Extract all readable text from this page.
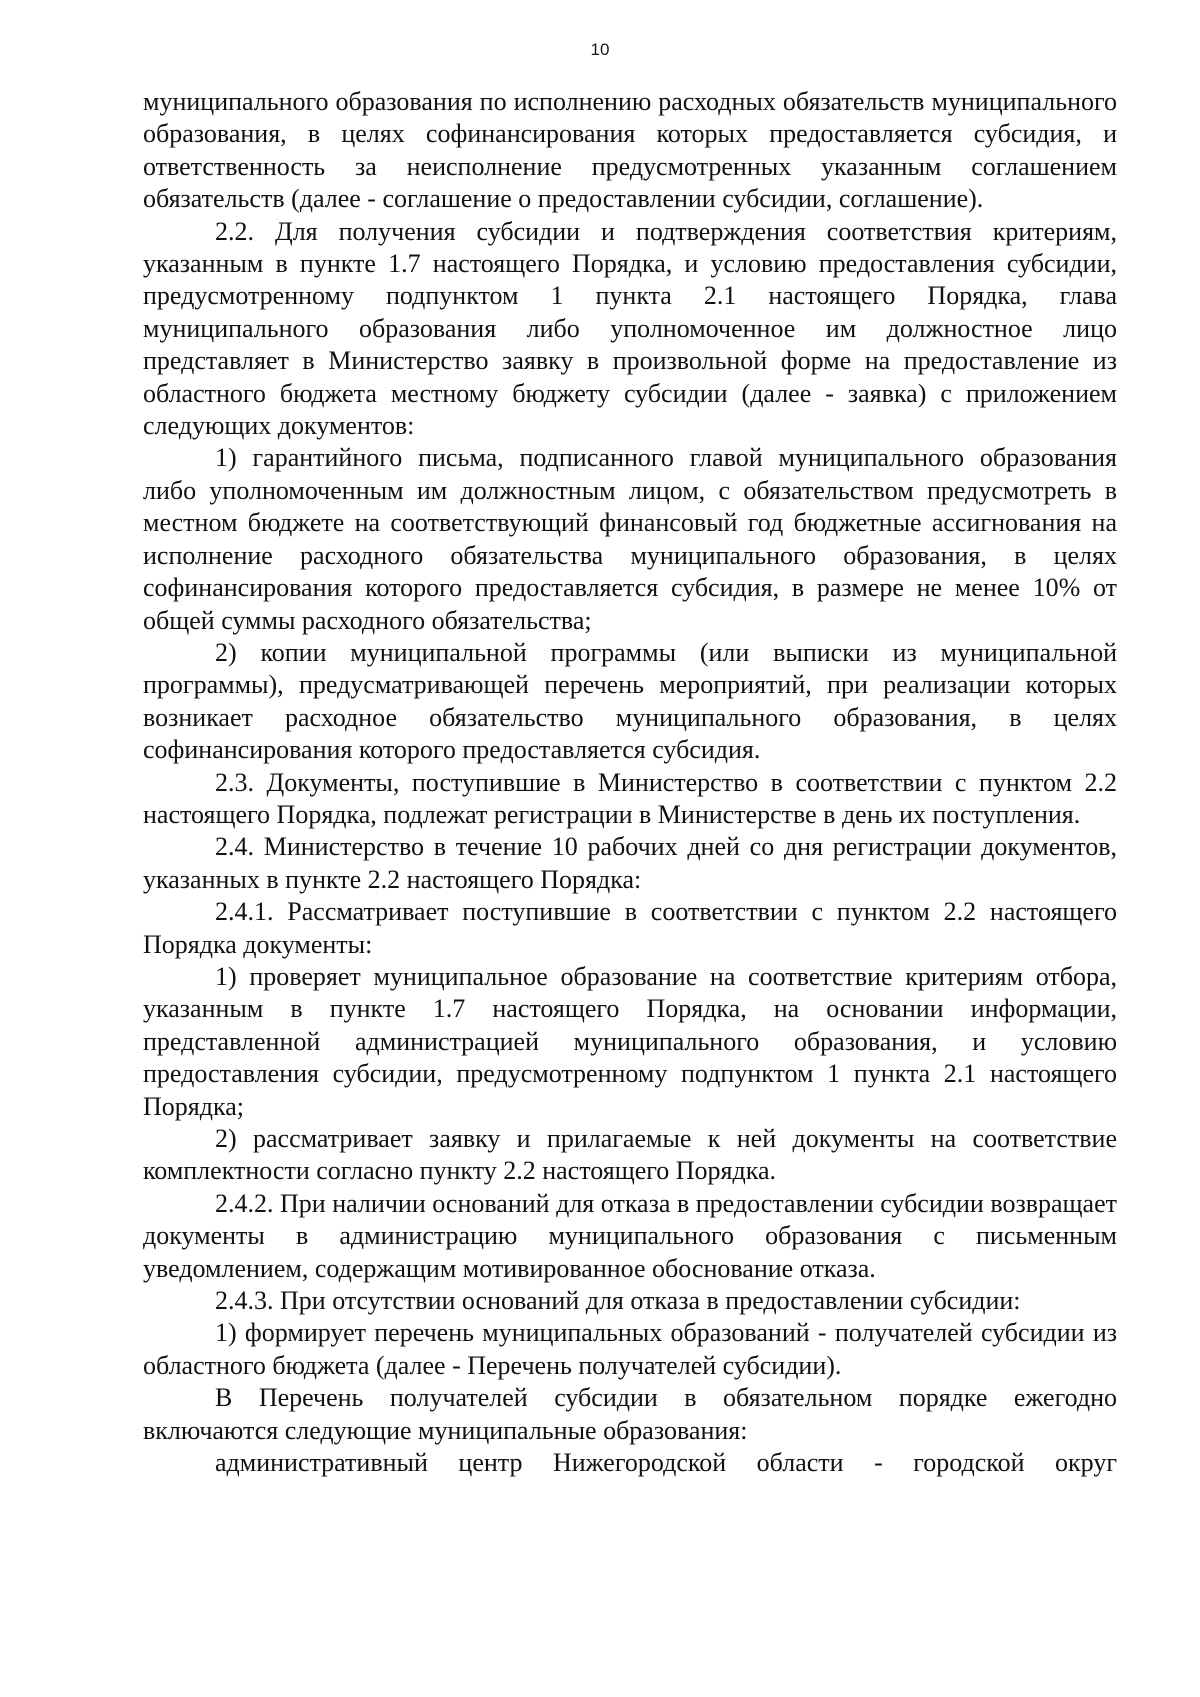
10

муниципального образования по исполнению расходных обязательств муниципального образования, в целях софинансирования которых предоставляется субсидия, и ответственность за неисполнение предусмотренных указанным соглашением обязательств (далее - соглашение о предоставлении субсидии, соглашение).

2.2. Для получения субсидии и подтверждения соответствия критериям, указанным в пункте 1.7 настоящего Порядка, и условию предоставления субсидии, предусмотренному подпунктом 1 пункта 2.1 настоящего Порядка, глава муниципального образования либо уполномоченное им должностное лицо представляет в Министерство заявку в произвольной форме на предоставление из областного бюджета местному бюджету субсидии (далее - заявка) с приложением следующих документов:

1) гарантийного письма, подписанного главой муниципального образования либо уполномоченным им должностным лицом, с обязательством предусмотреть в местном бюджете на соответствующий финансовый год бюджетные ассигнования на исполнение расходного обязательства муниципального образования, в целях софинансирования которого предоставляется субсидия, в размере не менее 10% от общей суммы расходного обязательства;

2) копии муниципальной программы (или выписки из муниципальной программы), предусматривающей перечень мероприятий, при реализации которых возникает расходное обязательство муниципального образования, в целях софинансирования которого предоставляется субсидия.

2.3. Документы, поступившие в Министерство в соответствии с пунктом 2.2 настоящего Порядка, подлежат регистрации в Министерстве в день их поступления.

2.4. Министерство в течение 10 рабочих дней со дня регистрации документов, указанных в пункте 2.2 настоящего Порядка:

2.4.1. Рассматривает поступившие в соответствии с пунктом 2.2 настоящего Порядка документы:

1) проверяет муниципальное образование на соответствие критериям отбора, указанным в пункте 1.7 настоящего Порядка, на основании информации, представленной администрацией муниципального образования, и условию предоставления субсидии, предусмотренному подпунктом 1 пункта 2.1 настоящего Порядка;

2) рассматривает заявку и прилагаемые к ней документы на соответствие комплектности согласно пункту 2.2 настоящего Порядка.

2.4.2. При наличии оснований для отказа в предоставлении субсидии возвращает документы в администрацию муниципального образования с письменным уведомлением, содержащим мотивированное обоснование отказа.

2.4.3. При отсутствии оснований для отказа в предоставлении субсидии:

1) формирует перечень муниципальных образований - получателей субсидии из областного бюджета (далее - Перечень получателей субсидии).

В Перечень получателей субсидии в обязательном порядке ежегодно включаются следующие муниципальные образования:

административный центр Нижегородской области - городской округ
